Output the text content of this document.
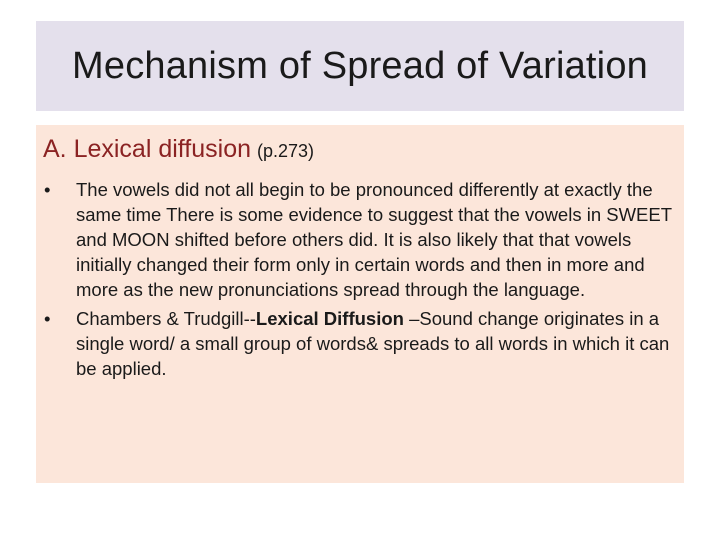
Mechanism of Spread of Variation
A. Lexical diffusion (p.273)
• The vowels did not all begin to be pronounced differently at exactly the same time There is some evidence to suggest that the vowels in SWEET and MOON shifted before others did. It is also likely that that vowels initially changed their form only in certain words and then in more and more as the new pronunciations spread through the language.
• Chambers & Trudgill--Lexical Diffusion –Sound change originates in a single word/ a small group of words& spreads to all words in which it can be applied.
